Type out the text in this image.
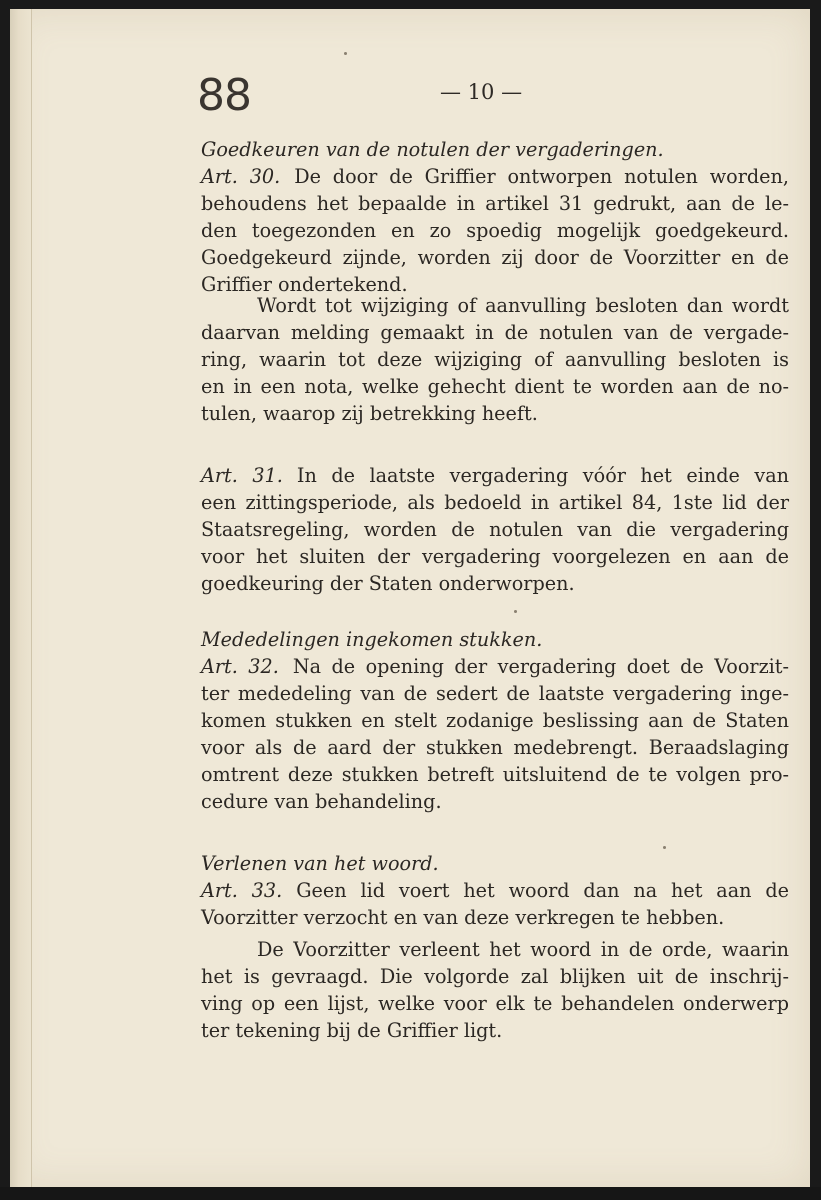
88	— 10 —
Goedkeuren van de notulen der vergaderingen.
Art. 30. De door de Griffier ontworpen notulen worden,
behoudens het bepaalde in artikel 31 gedrukt, aan de le-
den toegezonden en zo spoedig mogelijk goedgekeurd.
Goedgekeurd zijnde, worden zij door de Voorzitter en de
Griffier ondertekend.
Wordt tot wijziging of aanvulling besloten dan wordt
daarvan melding gemaakt in de notulen van de vergade-
ring, waarin tot deze wijziging of aanvulling besloten is
en in een nota, welke gehecht dient te worden aan de no-
tulen, waarop zij betrekking heeft.
Art. 31. In de laatste vergadering vóór het einde van
een zittingsperiode, als bedoeld in artikel 84, 1ste lid der
Staatsregeling, worden de notulen van die vergadering
voor het sluiten der vergadering voorgelezen en aan de
goedkeuring der Staten onderworpen.
Mededelingen ingekomen stukken.
Art. 32. Na de opening der vergadering doet de Voorzit-
ter mededeling van de sedert de laatste vergadering inge-
komen stukken en stelt zodanige beslissing aan de Staten
voor als de aard der stukken medebrengt. Beraadslaging
omtrent deze stukken betreft uitsluitend de te volgen pro-
cedure van behandeling.
Verlenen van het woord.
Art. 33. Geen lid voert het woord dan na het aan de
Voorzitter verzocht en van deze verkregen te hebben.
De Voorzitter verleent het woord in de orde, waarin
het is gevraagd. Die volgorde zal blijken uit de inschrij-
ving op een lijst, welke voor elk te behandelen onderwerp
ter tekening bij de Griffier ligt.
